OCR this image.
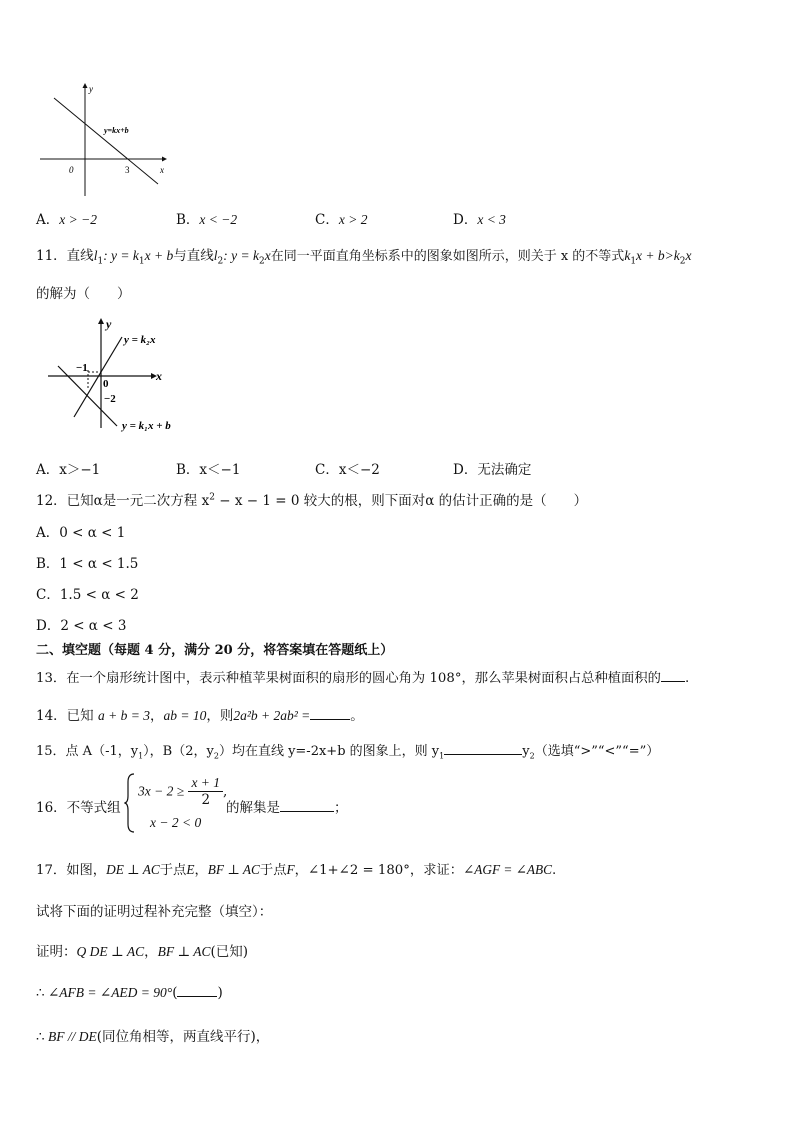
y
x
0	3
y=kx+b
A．x > −2	B．x < −2	C．x > 2	D．x < 3
11．直线$l_1$: $y = k_1x + b$与直线$l_2$: $y = k_2x$在同一平面直角坐标系中的图象如图所示，则关于 x 的不等式$k_1x + b>k_2x$
的解为（　　）
y
x
0
−1
−2
y = k₂x
y = k₁x + b
A．x＞−1	B．x＜−1	C．x＜−2	D．无法确定
12．已知α是一元二次方程 $x^2 - x - 1 = 0$ 较大的根，则下面对α 的估计正确的是（　　）
A．0 < α < 1
B．1 < α < 1.5
C．1.5 < α < 2
D．2 < α < 3
二、填空题（每题 4 分，满分 20 分，将答案填在答题纸上）
13．在一个扇形统计图中，表示种植苹果树面积的扇形的圆心角为 108°，那么苹果树面积占总种植面积的 .
14．已知 a + b = 3，ab = 10，则2a²b + 2ab² =	。
15．点 A（-1，$y_1$），B（2，$y_2$）均在直线 y=-2x+b 的图象上，则 $y_1$	$y_2$（选填“>”“<”“=”）
16．不等式组
$3x - 2 \ge \frac{x + 1}{2}$ ,
的解集是	；
x − 2 < 0
17．如图，DE ⊥ AC于点E，BF ⊥ AC于点F，∠1+∠2 = 180°，求证：∠AGF = ∠ABC.
试将下面的证明过程补充完整（填空）：
证明：Q DE ⊥ AC，BF ⊥ AC(已知)
∴ ∠AFB = ∠AED = 90°(	)
∴ BF // DE(同位角相等，两直线平行)，
